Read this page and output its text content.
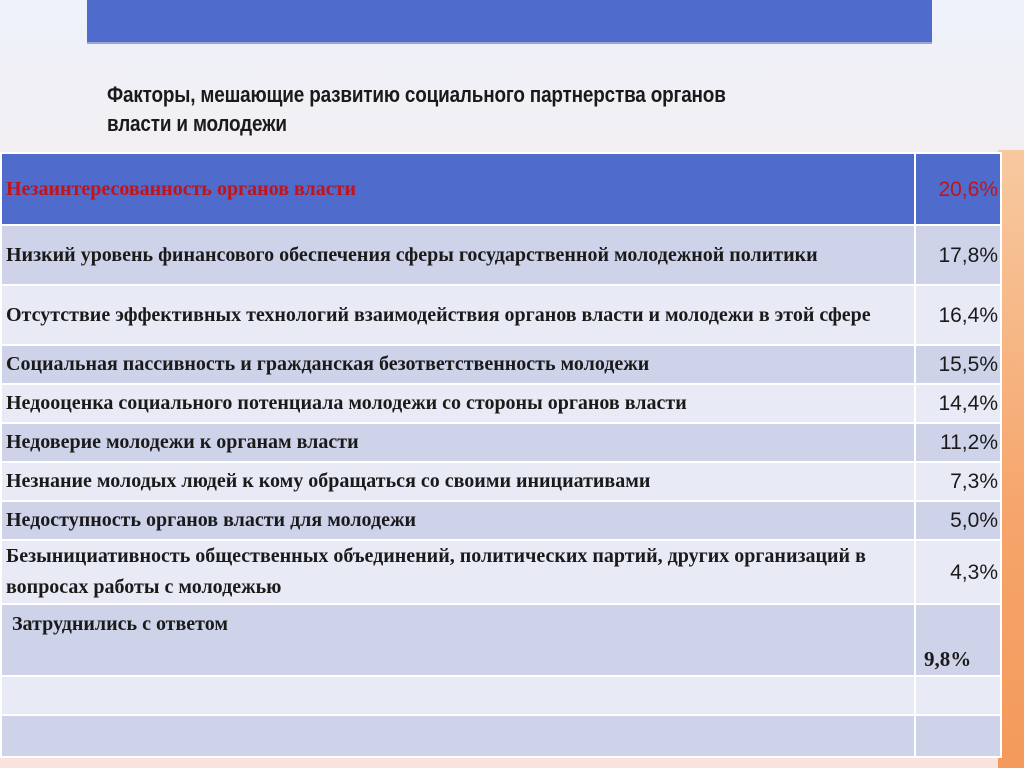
Факторы, мешающие развитию социального партнерства органов власти и молодежи
Незаинтересованность органов власти	20,6%
Низкий уровень финансового обеспечения сферы государственной молодежной политики	17,8%
Отсутствие эффективных технологий взаимодействия органов власти и молодежи в этой сфере	16,4%
Социальная пассивность и гражданская безответственность молодежи	15,5%
Недооценка социального потенциала молодежи со стороны органов власти	14,4%
Недоверие молодежи к органам власти	11,2%
Незнание молодых людей к кому обращаться со своими инициативами	7,3%
Недоступность органов власти для молодежи	5,0%
Безынициативность общественных объединений, политических партий, других организаций в вопросах работы с молодежью	4,3%
Затруднились с ответом	9,8%
